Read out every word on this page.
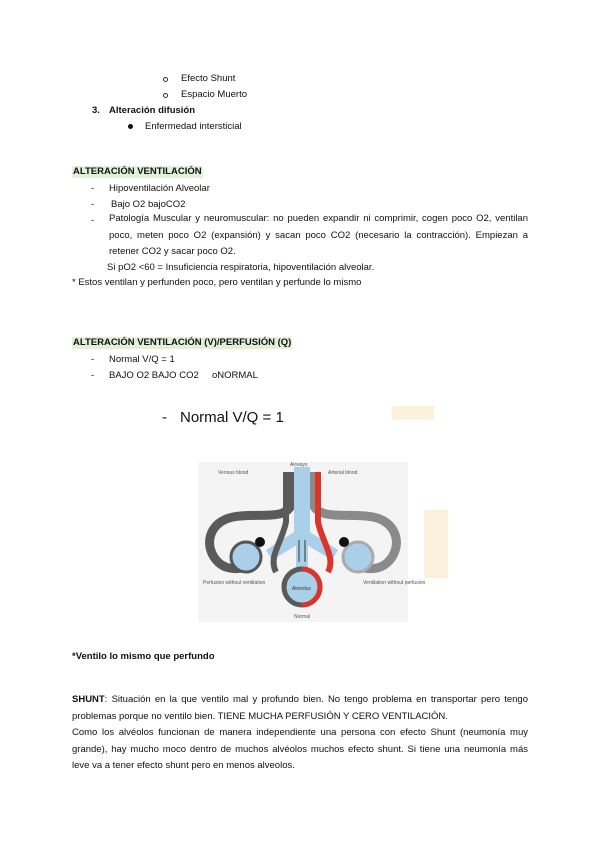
Efecto Shunt
Espacio Muerto
3. Alteración difusión
Enfermedad intersticial
ALTERACIÓN VENTILACIÓN
- Hipoventilación Alveolar
- Bajo O2 bajoCO2
- Patología Muscular y neuromuscular: no pueden expandir ni comprimir, cogen poco O2, ventilan poco, meten poco O2 (expansión) y sacan poco CO2 (necesario la contracción). Empiezan a retener CO2 y sacar poco O2.
Si pO2 <60 = Insuficiencia respiratoria, hipoventilación alveolar.
* Estos ventilan y perfunden poco, pero ventilan y perfunde lo mismo
ALTERACIÓN VENTILACIÓN (V)/PERFUSIÓN (Q)
- Normal V/Q = 1
- BAJO O2 BAJO CO2     oNORMAL
- Normal V/Q = 1
Venous blood
Airways
Arterial blood
Perfusion without ventilation	Ventilation without perfusion
Alveolus
Normal
*Ventilo lo mismo que perfundo
SHUNT: Situación en la que ventilo mal y profundo bien. No tengo problema en transportar pero tengo problemas porque no ventilo bien. TIENE MUCHA PERFUSIÓN Y CERO VENTILACIÓN.
Como los alvéolos funcionan de manera independiente una persona con efecto Shunt (neumonía muy grande), hay mucho moco dentro de muchos alvéolos muchos efecto shunt. Si tiene una neumonía más leve va a tener efecto shunt pero en menos alveolos.
